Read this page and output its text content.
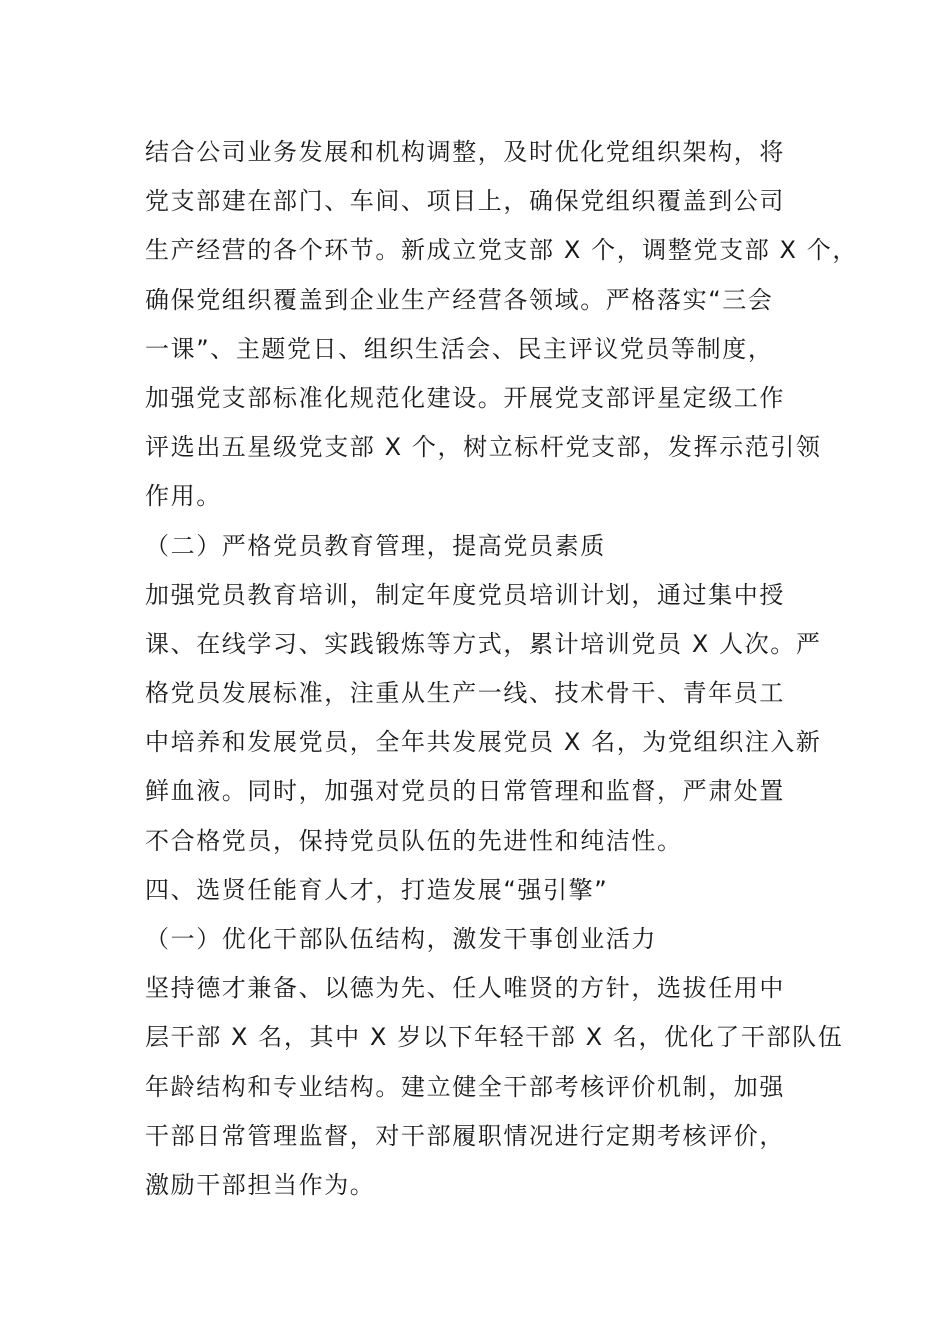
结合公司业务发展和机构调整，及时优化党组织架构，将
党支部建在部门、车间、项目上，确保党组织覆盖到公司
生产经营的各个环节。新成立党支部 X 个，调整党支部 X 个，
确保党组织覆盖到企业生产经营各领域。严格落实“三会
一课”、主题党日、组织生活会、民主评议党员等制度，
加强党支部标准化规范化建设。开展党支部评星定级工作
评选出五星级党支部 X 个，树立标杆党支部，发挥示范引领
作用。
（二）严格党员教育管理，提高党员素质
加强党员教育培训，制定年度党员培训计划，通过集中授
课、在线学习、实践锻炼等方式，累计培训党员 X 人次。严
格党员发展标准，注重从生产一线、技术骨干、青年员工
中培养和发展党员，全年共发展党员 X 名，为党组织注入新
鲜血液。同时，加强对党员的日常管理和监督，严肃处置
不合格党员，保持党员队伍的先进性和纯洁性。
四、选贤任能育人才，打造发展“强引擎”
（一）优化干部队伍结构，激发干事创业活力
坚持德才兼备、以德为先、任人唯贤的方针，选拔任用中
层干部 X 名，其中 X 岁以下年轻干部 X 名，优化了干部队伍
年龄结构和专业结构。建立健全干部考核评价机制，加强
干部日常管理监督，对干部履职情况进行定期考核评价，
激励干部担当作为。
